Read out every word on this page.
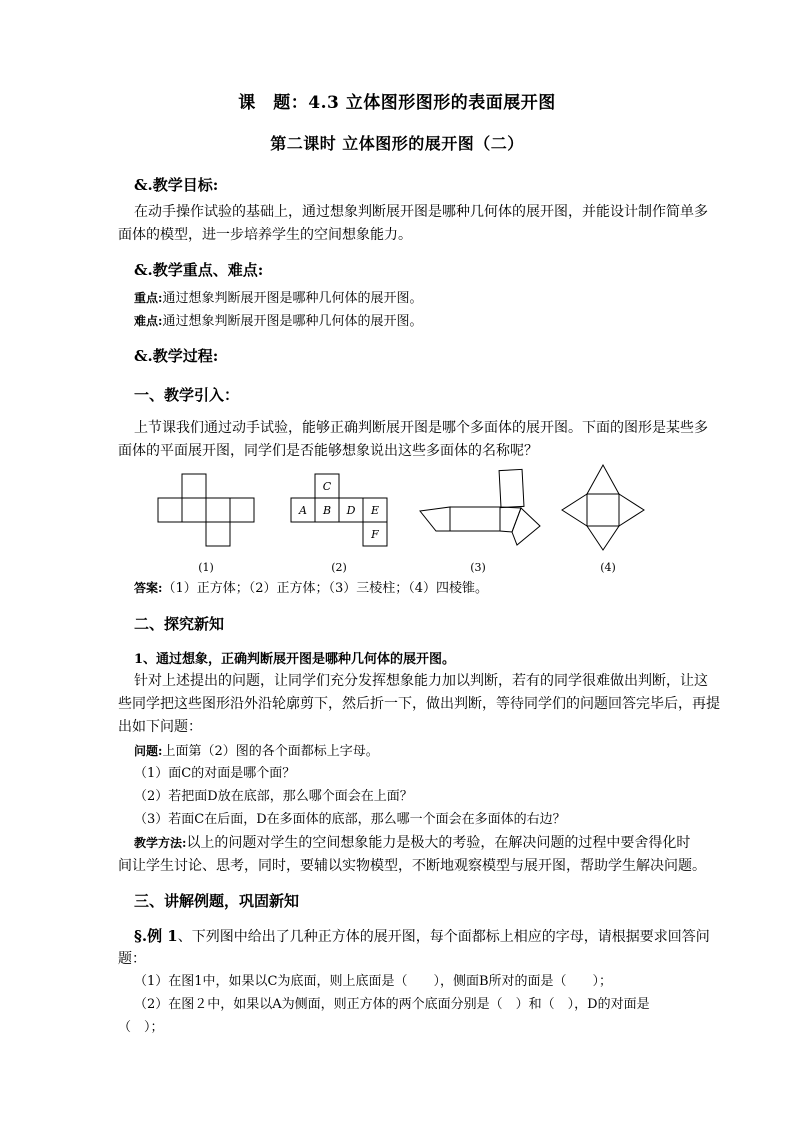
课　题：4.3 立体图形图形的表面展开图
第二课时 立体图形的展开图（二）
&.教学目标:
在动手操作试验的基础上，通过想象判断展开图是哪种几何体的展开图，并能设计制作简单多
面体的模型，进一步培养学生的空间想象能力。
&.教学重点、难点:
重点:通过想象判断展开图是哪种几何体的展开图。
难点:通过想象判断展开图是哪种几何体的展开图。
&.教学过程:
一、教学引入：
上节课我们通过动手试验，能够正确判断展开图是哪个多面体的展开图。下面的图形是某些多
面体的平面展开图，同学们是否能够想象说出这些多面体的名称呢？
C
A B D E
F
(1)	(2)	(3)	(4)
答案:（1）正方体；（2）正方体；（3）三棱柱；（4）四棱锥。
二、探究新知
1、通过想象，正确判断展开图是哪种几何体的展开图。
针对上述提出的问题，让同学们充分发挥想象能力加以判断，若有的同学很难做出判断，让这
些同学把这些图形沿外沿轮廓剪下，然后折一下，做出判断，等待同学们的问题回答完毕后，再提
出如下问题：
问题:上面第（2）图的各个面都标上字母。
（1）面C的对面是哪个面？
（2）若把面D放在底部，那么哪个面会在上面？
（3）若面C在后面，D在多面体的底部，那么哪一个面会在多面体的右边？
教学方法:以上的问题对学生的空间想象能力是极大的考验，在解决问题的过程中要舍得化时
间让学生讨论、思考，同时，要辅以实物模型，不断地观察模型与展开图，帮助学生解决问题。
三、讲解例题，巩固新知
§.例 1、下列图中给出了几种正方体的展开图，每个面都标上相应的字母，请根据要求回答问
题：
（1）在图1中，如果以C为底面，则上底面是（　　），侧面B所对的面是（　　）；
（2）在图２中，如果以A为侧面，则正方体的两个底面分别是（　）和（　），D的对面是
（　）；
